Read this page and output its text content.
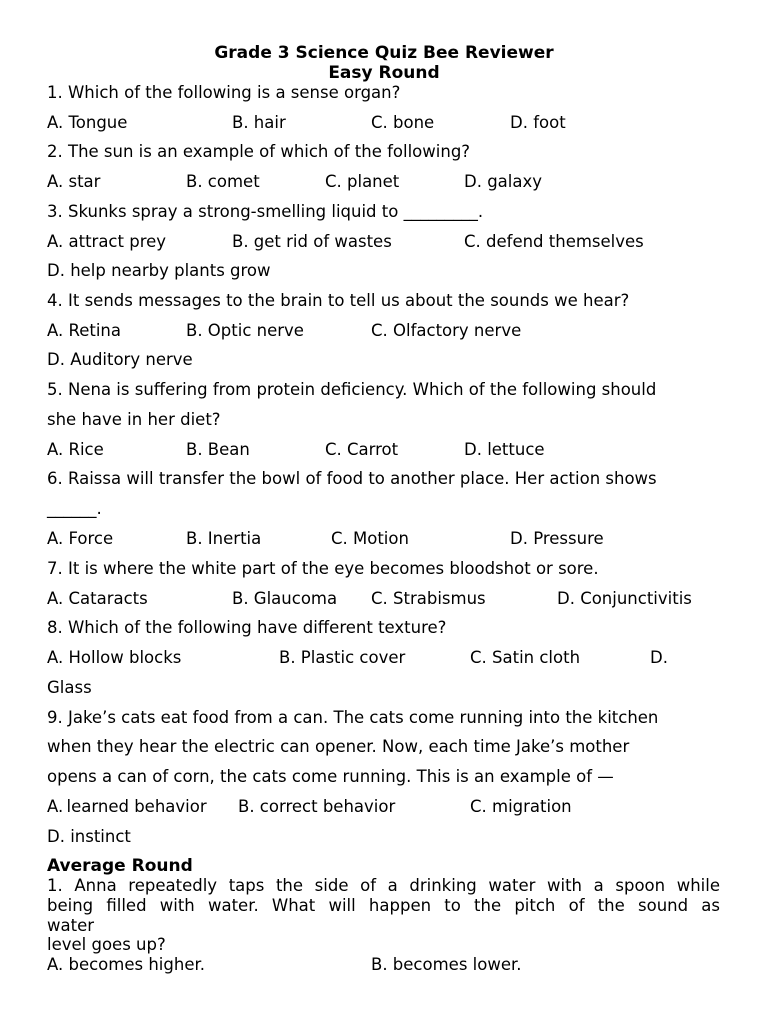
Grade 3 Science Quiz Bee Reviewer
Easy Round
1. Which of the following is a sense organ?
A. Tongue	B. hair	C. bone	D. foot
2. The sun is an example of which of the following?
A. star	B. comet	C. planet	D. galaxy
3. Skunks spray a strong-smelling liquid to _________.
A. attract prey	B. get rid of wastes	C. defend themselves
D. help nearby plants grow
4. It sends messages to the brain to tell us about the sounds we hear?
A. Retina	B. Optic nerve	C. Olfactory nerve
D. Auditory nerve
5. Nena is suffering from protein deficiency. Which of the following should
she have in her diet?
A. Rice	B. Bean	C. Carrot	D. lettuce
6. Raissa will transfer the bowl of food to another place. Her action shows
______.
A. Force	B. Inertia	C. Motion	D. Pressure
7. It is where the white part of the eye becomes bloodshot or sore.
A. Cataracts	B. Glaucoma C. Strabismus	D. Conjunctivitis
8. Which of the following have different texture?
A. Hollow blocks	B. Plastic cover	C. Satin cloth	D.
Glass
9. Jake’s cats eat food from a can. The cats come running into the kitchen
when they hear the electric can opener. Now, each time Jake’s mother
opens a can of corn, the cats come running. This is an example of —
A. learned behavior B. correct behavior	C. migration
D. instinct
Average Round
1. Anna repeatedly taps the side of a drinking water with a spoon while
being filled with water. What will happen to the pitch of the sound as
water
level goes up?
A. becomes higher.	B. becomes lower.
